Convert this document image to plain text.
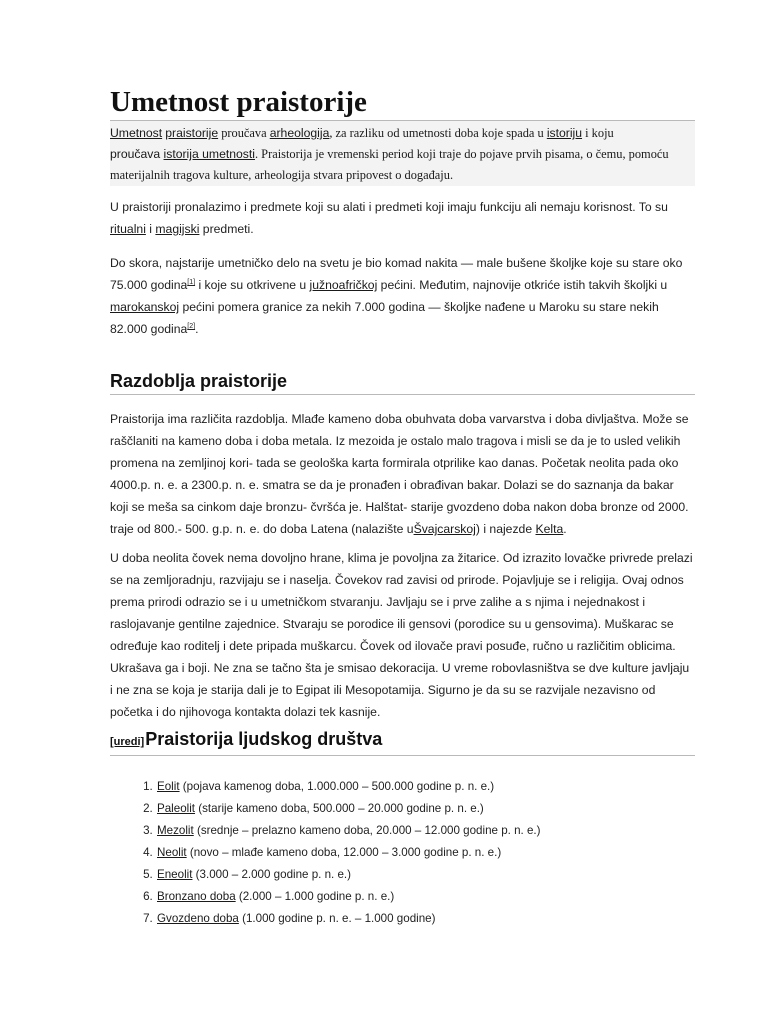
Umetnost praistorije
Umetnost praistorije proučava arheologija, za razliku od umetnosti doba koje spada u istoriju i koju
proučava istorija umetnosti. Praistorija je vremenski period koji traje do pojave prvih pisama, o čemu, pomoću materijalnih tragova kulture, arheologija stvara pripovest o događaju.

U praistoriji pronalazimo i predmete koji su alati i predmeti koji imaju funkciju ali nemaju korisnost. To su ritualni i magijski predmeti.

Do skora, najstarije umetničko delo na svetu je bio komad nakita — male bušene školjke koje su stare oko 75.000 godina[1] i koje su otkrivene u južnoafričkoj pećini. Međutim, najnovije otkriće istih takvih školjki u marokanskoj pećini pomera granice za nekih 7.000 godina — školjke nađene u Maroku su stare nekih 82.000 godina[2].

Razdoblja praistorije

Praistorija ima različita razdoblja. Mlađe kameno doba obuhvata doba varvarstva i doba divljaštva. Može se raščlaniti na kameno doba i doba metala. Iz mezoida je ostalo malo tragova i misli se da je to usled velikih promena na zemljinoj kori- tada se geološka karta formirala otprilike kao danas. Početak neolita pada oko 4000.p. n. e. a 2300.p. n. e. smatra se da je pronađen i obrađivan bakar. Dolazi se do saznanja da bakar koji se meša sa cinkom daje bronzu- čvršća je. Halštat- starije gvozdeno doba nakon doba bronze od 2000. traje od 800.- 500. g.p. n. e. do doba Latena (nalazište uŠvajcarskoj) i najezde Kelta.

U doba neolita čovek nema dovoljno hrane, klima je povoljna za žitarice. Od izrazito lovačke privrede prelazi se na zemljoradnju, razvijaju se i naselja. Čovekov rad zavisi od prirode. Pojavljuje se i religija. Ovaj odnos prema prirodi odrazio se i u umetničkom stvaranju. Javljaju se i prve zalihe a s njima i nejednakost i raslojavanje gentilne zajednice. Stvaraju se porodice ili gensovi (porodice su u gensovima). Muškarac se određuje kao roditelj i dete pripada muškarcu. Čovek od ilovače pravi posuđe, ručno u različitim oblicima. Ukrašava ga i boji. Ne zna se tačno šta je smisao dekoracija. U vreme robovlasništva se dve kulture javljaju i ne zna se koja je starija dali je to Egipat ili Mesopotamija. Sigurno je da su se razvijale nezavisno od početka i do njihovoga kontakta dolazi tek kasnije.

[uredi]Praistorija ljudskog društva
1. Eolit (pojava kamenog doba, 1.000.000 – 500.000 godine p. n. e.)
2. Paleolit (starije kameno doba, 500.000 – 20.000 godine p. n. e.)
3. Mezolit (srednje – prelazno kameno doba, 20.000 – 12.000 godine p. n. e.)
4. Neolit (novo – mlađe kameno doba, 12.000 – 3.000 godine p. n. e.)
5. Eneolit (3.000 – 2.000 godine p. n. e.)
6. Bronzano doba (2.000 – 1.000 godine p. n. e.)
7. Gvozdeno doba (1.000 godine p. n. e. – 1.000 godine)
